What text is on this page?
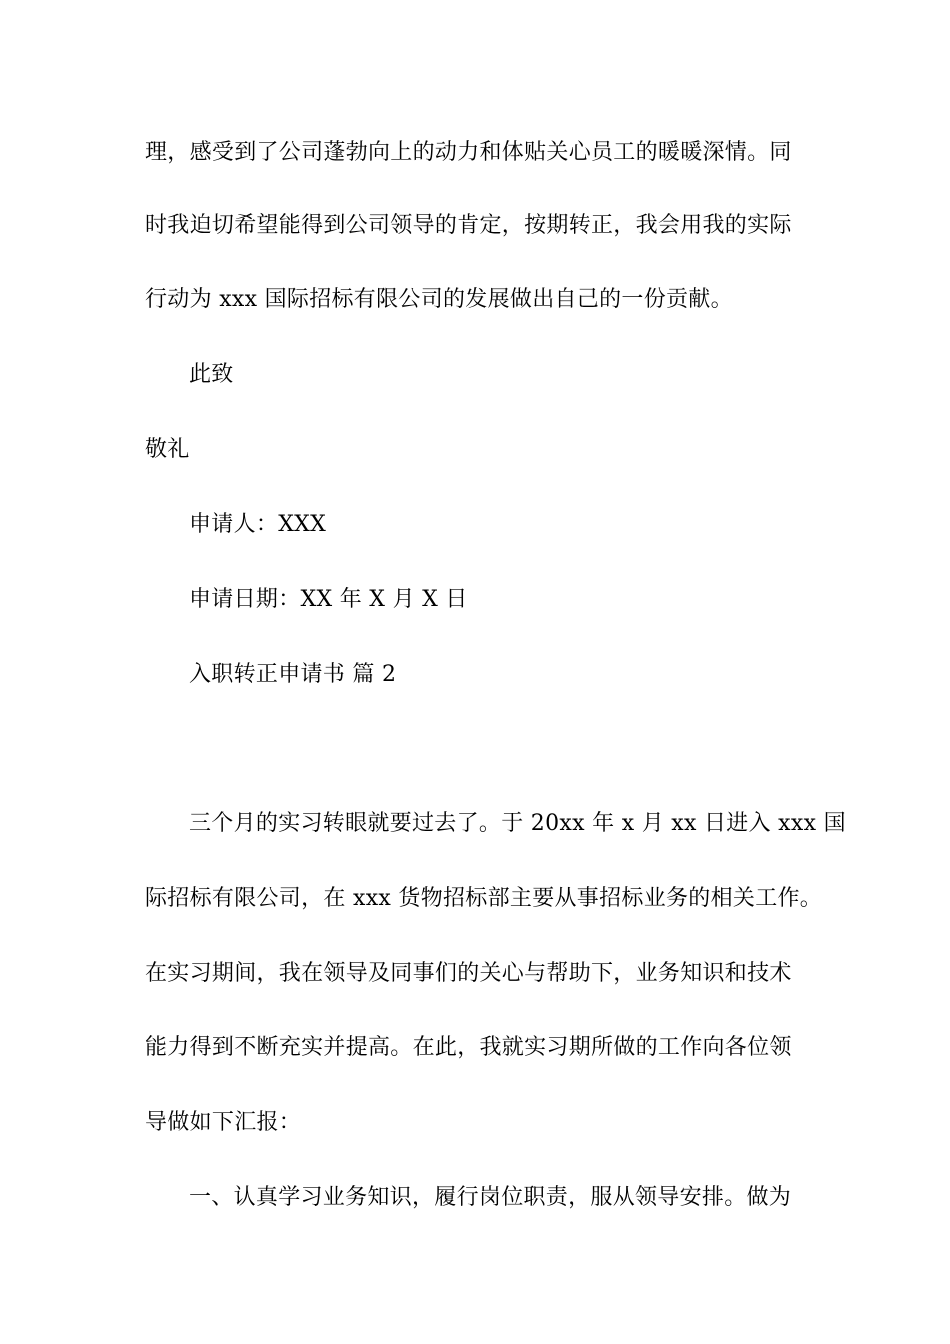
理，感受到了公司蓬勃向上的动力和体贴关心员工的暖暖深情。同
时我迫切希望能得到公司领导的肯定，按期转正，我会用我的实际
行动为 xxx 国际招标有限公司的发展做出自己的一份贡献。
此致
敬礼
申请人：XXX
申请日期：XX 年 X 月 X 日
入职转正申请书 篇 2
三个月的实习转眼就要过去了。于 20xx 年 x 月 xx 日进入 xxx 国
际招标有限公司，在 xxx 货物招标部主要从事招标业务的相关工作。
在实习期间，我在领导及同事们的关心与帮助下，业务知识和技术
能力得到不断充实并提高。在此，我就实习期所做的工作向各位领
导做如下汇报：
一、认真学习业务知识，履行岗位职责，服从领导安排。做为
